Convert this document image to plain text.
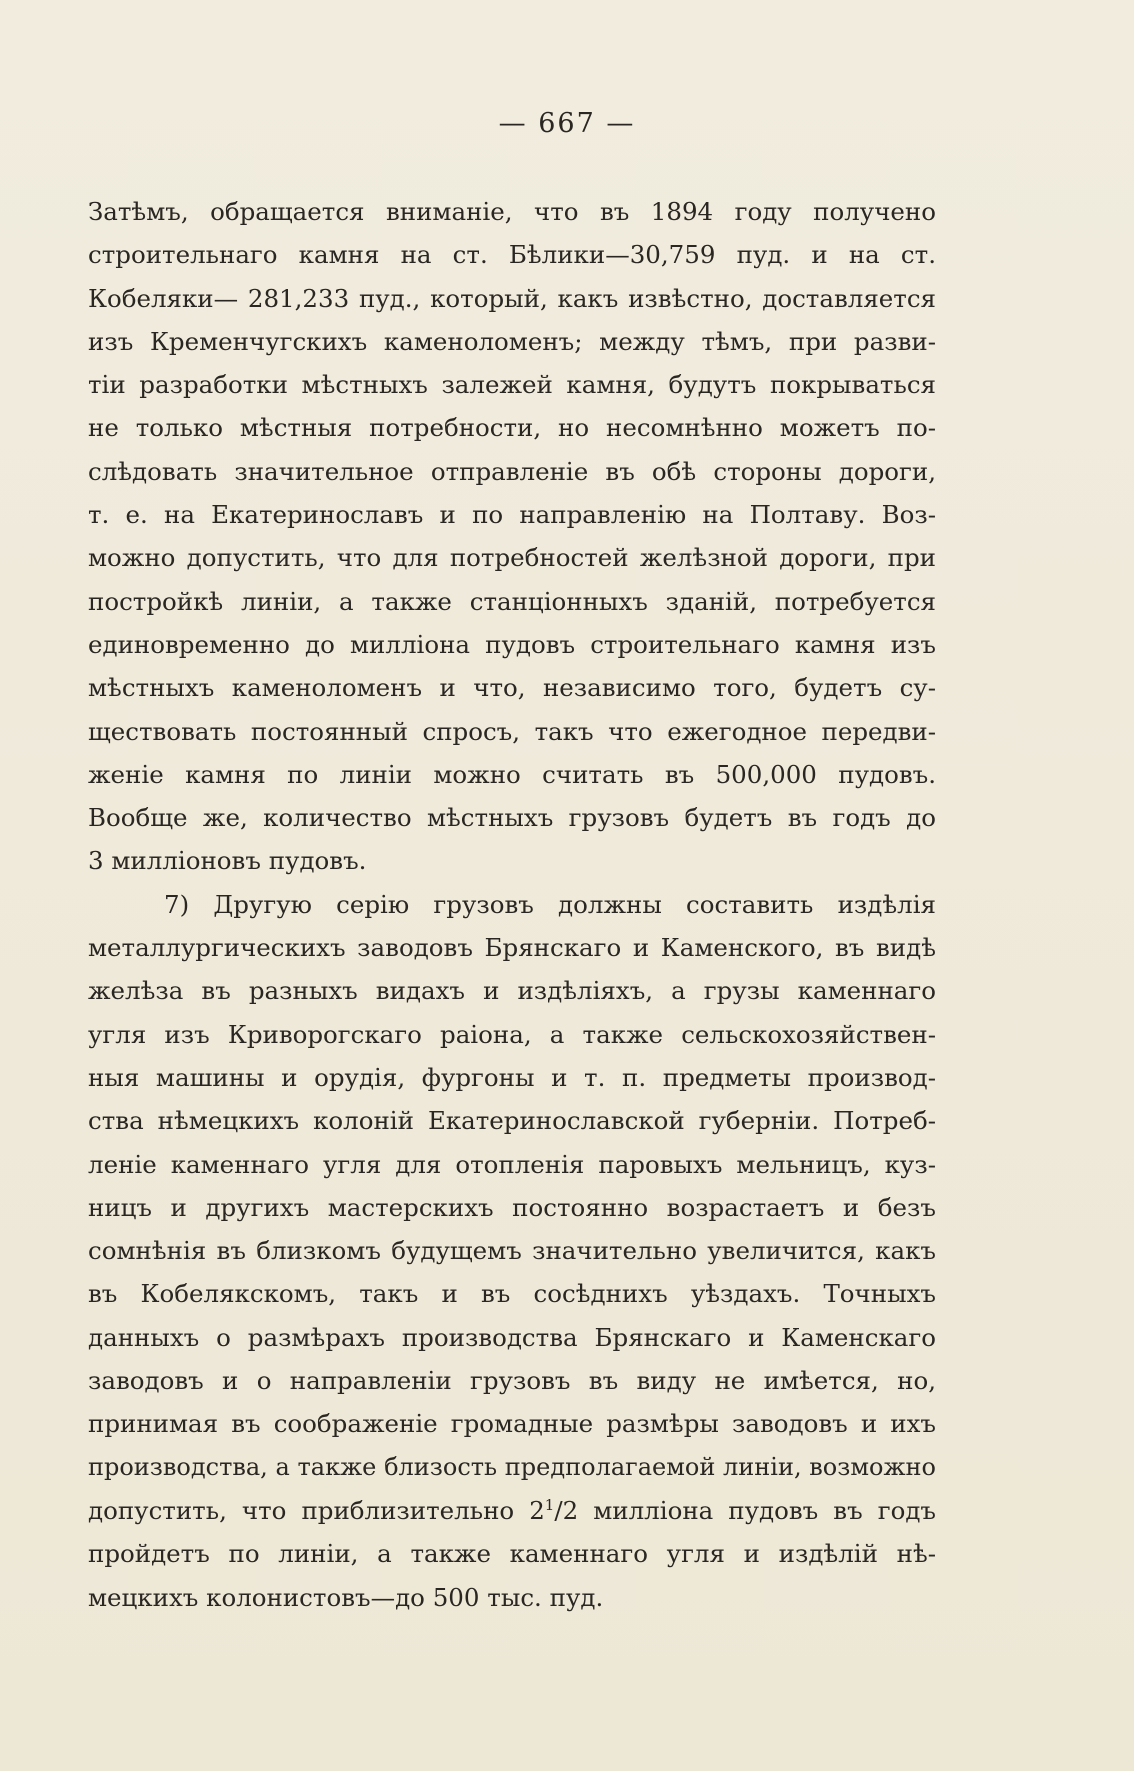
— 667 —
Затѣмъ, обращается вниманіе, что въ 1894 году получено
строительнаго камня на ст. Бѣлики—30,759 пуд. и на ст.
Кобеляки— 281,233 пуд., который, какъ извѣстно, доставляется
изъ Кременчугскихъ каменоломенъ; между тѣмъ, при разви-
тіи разработки мѣстныхъ залежей камня, будутъ покрываться
не только мѣстныя потребности, но несомнѣнно можетъ по-
слѣдовать значительное отправленіе въ обѣ стороны дороги,
т. е. на Екатеринославъ и по направленію на Полтаву. Воз-
можно допустить, что для потребностей желѣзной дороги, при
постройкѣ линіи, а также станціонныхъ зданій, потребуется
единовременно до милліона пудовъ строительнаго камня изъ
мѣстныхъ каменоломенъ и что, независимо того, будетъ су-
ществовать постоянный спросъ, такъ что ежегодное передви-
женіе камня по линіи можно считать въ 500,000 пудовъ.
Вообще же, количество мѣстныхъ грузовъ будетъ въ годъ до
3 милліоновъ пудовъ.
7) Другую серію грузовъ должны составить издѣлія
металлургическихъ заводовъ Брянскаго и Каменского, въ видѣ
желѣза въ разныхъ видахъ и издѣліяхъ, а грузы каменнаго
угля изъ Криворогскаго раіона, а также сельскохозяйствен-
ныя машины и орудія, фургоны и т. п. предметы производ-
ства нѣмецкихъ колоній Екатеринославской губерніи. Потреб-
леніе каменнаго угля для отопленія паровыхъ мельницъ, куз-
ницъ и другихъ мастерскихъ постоянно возрастаетъ и безъ
сомнѣнія въ близкомъ будущемъ значительно увеличится, какъ
въ Кобелякскомъ, такъ и въ сосѣднихъ уѣздахъ. Точныхъ
данныхъ о размѣрахъ производства Брянскаго и Каменскаго
заводовъ и о направленіи грузовъ въ виду не имѣется, но,
принимая въ соображеніе громадные размѣры заводовъ и ихъ
производства, а также близость предполагаемой линіи, возможно
допустить, что приблизительно $2^1/2$ милліона пудовъ въ годъ
пройдетъ по линіи, а также каменнаго угля и издѣлій нѣ-
мецкихъ колонистовъ—до 500 тыс. пуд.
